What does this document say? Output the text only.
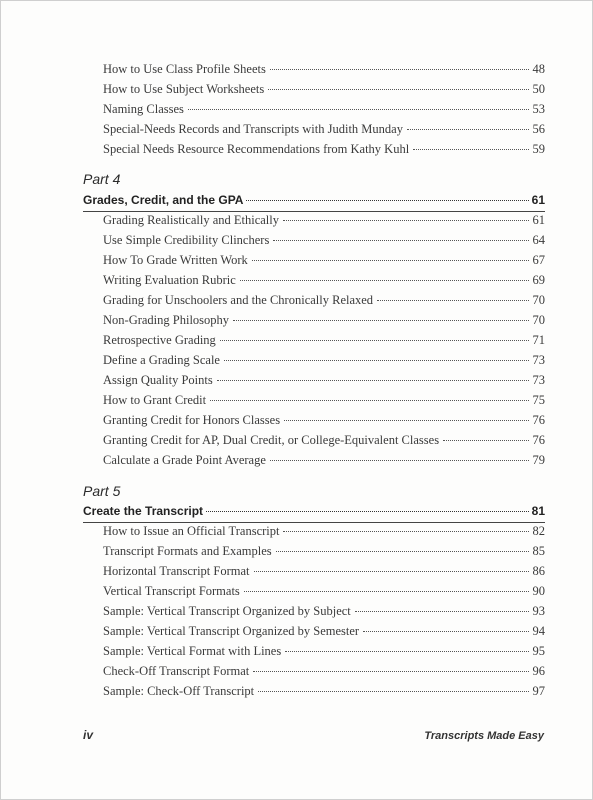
How to Use Class Profile Sheets	48
How to Use Subject Worksheets	50
Naming Classes	53
Special-Needs Records and Transcripts with Judith Munday	56
Special Needs Resource Recommendations from Kathy Kuhl	59
Part 4
Grades, Credit, and the GPA	61
Grading Realistically and Ethically	61
Use Simple Credibility Clinchers	64
How To Grade Written Work	67
Writing Evaluation Rubric	69
Grading for Unschoolers and the Chronically Relaxed	70
Non-Grading Philosophy	70
Retrospective Grading	71
Define a Grading Scale	73
Assign Quality Points	73
How to Grant Credit	75
Granting Credit for Honors Classes	76
Granting Credit for AP, Dual Credit, or College-Equivalent Classes	76
Calculate a Grade Point Average	79
Part 5
Create the Transcript	81
How to Issue an Official Transcript	82
Transcript Formats and Examples	85
Horizontal Transcript Format	86
Vertical Transcript Formats	90
Sample: Vertical Transcript Organized by Subject	93
Sample: Vertical Transcript Organized by Semester	94
Sample: Vertical Format with Lines	95
Check-Off Transcript Format	96
Sample: Check-Off Transcript	97
iv	Transcripts Made Easy
